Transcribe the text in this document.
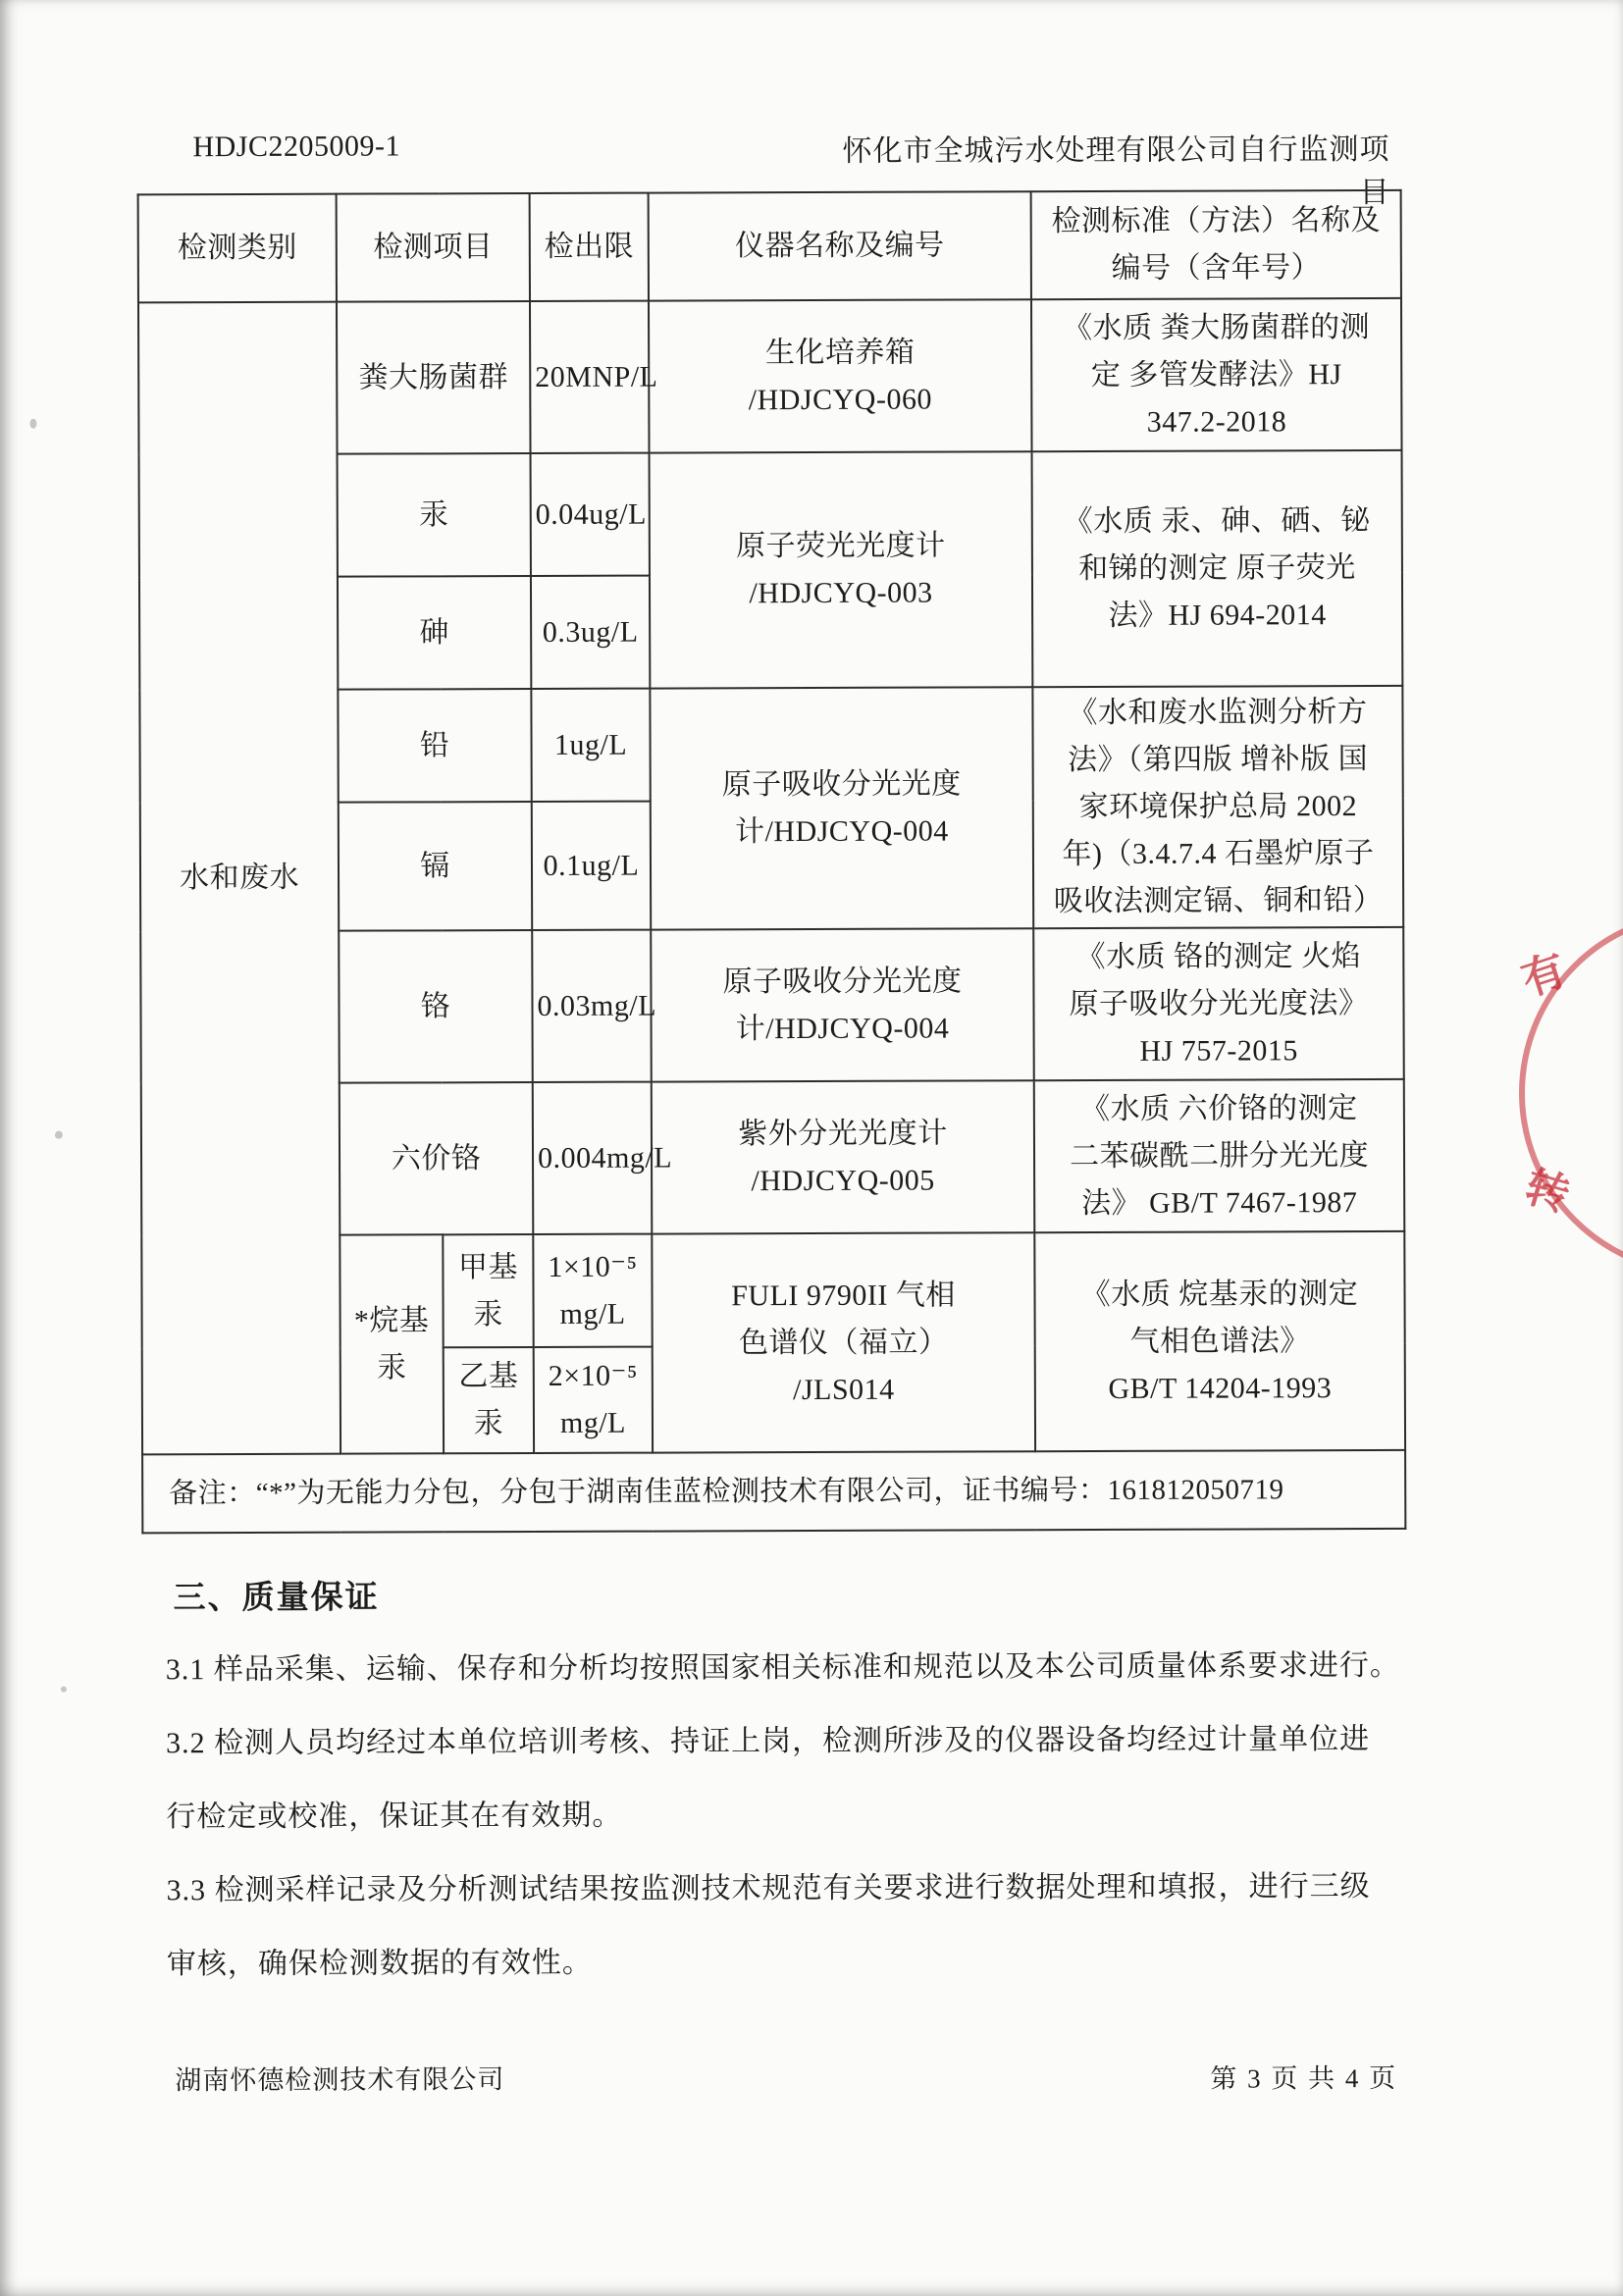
HDJC2205009-1	怀化市全城污水处理有限公司自行监测项目
检测类别	检测项目		检出限	仪器名称及编号	检测标准（方法）名称及
编号（含年号）
水和废水	粪大肠菌群		20MNP/L	生化培养箱
/HDJCYQ-060	《水质 粪大肠菌群的测
定 多管发酵法》HJ
347.2-2018
	汞		0.04ug/L	原子荧光光度计
/HDJCYQ-003	《水质 汞、砷、硒、铋
和锑的测定 原子荧光
法》HJ 694-2014
	砷		0.3ug/L		
	铅		1ug/L	原子吸收分光光度
计/HDJCYQ-004	《水和废水监测分析方
法》（第四版 增补版 国
家环境保护总局 2002
年)（3.4.7.4 石墨炉原子
吸收法测定镉、铜和铅）
	镉		0.1ug/L		
	铬		0.03mg/L	原子吸收分光光度
计/HDJCYQ-004	《水质 铬的测定 火焰
原子吸收分光光度法》
HJ 757-2015
	六价铬		0.004mg/L	紫外分光光度计
/HDJCYQ-005	《水质 六价铬的测定
二苯碳酰二肼分光光度
法》 GB/T 7467-1987
	*烷基汞	甲基汞	1×10⁻⁵
mg/L	FULI 9790II 气相
色谱仪（福立）
/JLS014	《水质 烷基汞的测定
气相色谱法》
GB/T 14204-1993
		乙基汞	2×10⁻⁵
mg/L		
备注：“*”为无能力分包，分包于湖南佳蓝检测技术有限公司，证书编号：161812050719					
三、质量保证

3.1 样品采集、运输、保存和分析均按照国家相关标准和规范以及本公司质量体系要求进行。

3.2 检测人员均经过本单位培训考核、持证上岗，检测所涉及的仪器设备均经过计量单位进
行检定或校准，保证其在有效期。

3.3 检测采样记录及分析测试结果按监测技术规范有关要求进行数据处理和填报，进行三级
审核，确保检测数据的有效性。

湖南怀德检测技术有限公司	第 3 页 共 4 页
有
转
